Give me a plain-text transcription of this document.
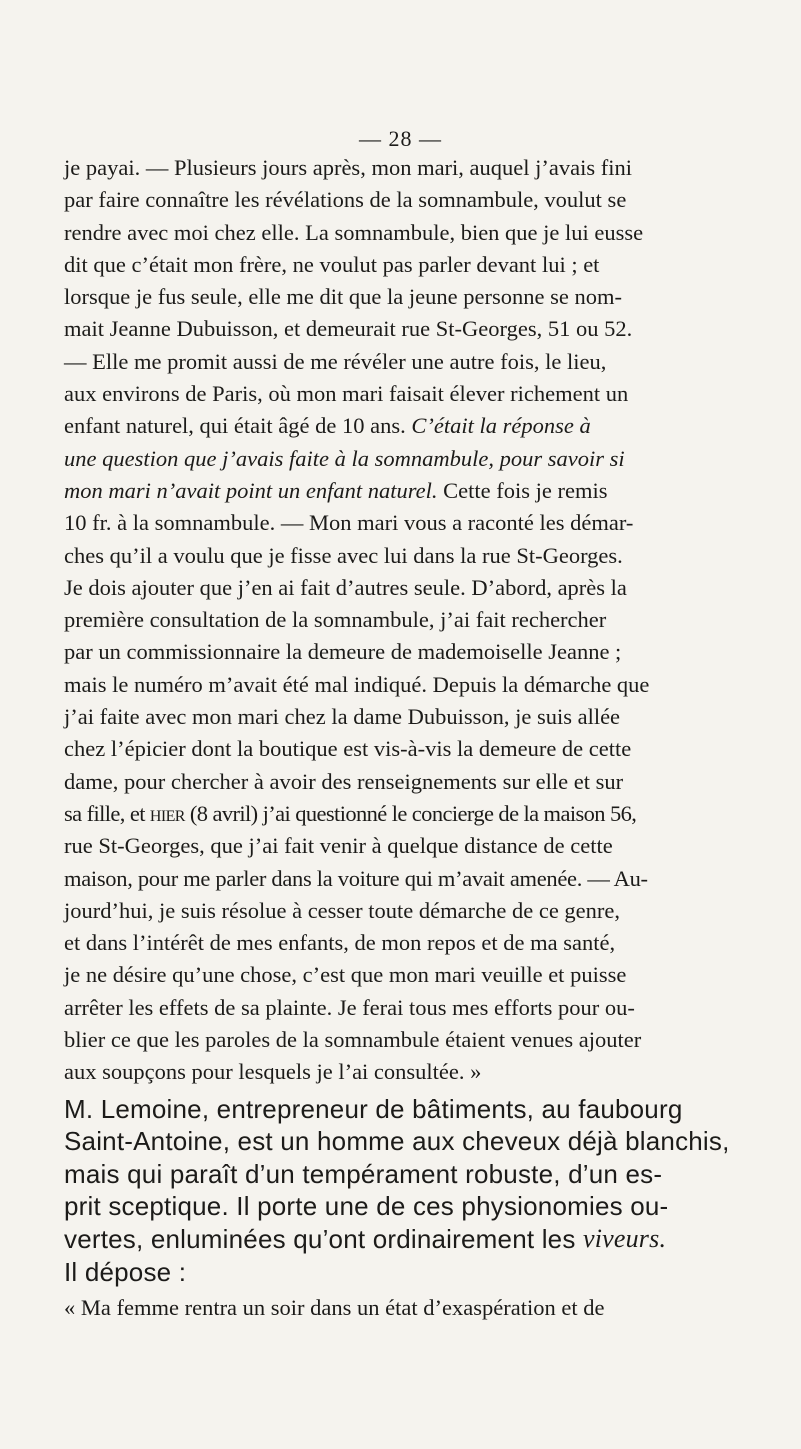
— 28 —
je payai. — Plusieurs jours après, mon mari, auquel j’avais fini
par faire connaître les révélations de la somnambule, voulut se
rendre avec moi chez elle. La somnambule, bien que je lui eusse
dit que c’était mon frère, ne voulut pas parler devant lui ; et
lorsque je fus seule, elle me dit que la jeune personne se nom-
mait Jeanne Dubuisson, et demeurait rue St-Georges, 51 ou 52.
— Elle me promit aussi de me révéler une autre fois, le lieu,
aux environs de Paris, où mon mari faisait élever richement un
enfant naturel, qui était âgé de 10 ans. C’était la réponse à
une question que j’avais faite à la somnambule, pour savoir si
mon mari n’avait point un enfant naturel. Cette fois je remis
10 fr. à la somnambule. — Mon mari vous a raconté les démar-
ches qu’il a voulu que je fisse avec lui dans la rue St-Georges.
Je dois ajouter que j’en ai fait d’autres seule. D’abord, après la
première consultation de la somnambule, j’ai fait rechercher
par un commissionnaire la demeure de mademoiselle Jeanne ;
mais le numéro m’avait été mal indiqué. Depuis la démarche que
j’ai faite avec mon mari chez la dame Dubuisson, je suis allée
chez l’épicier dont la boutique est vis-à-vis la demeure de cette
dame, pour chercher à avoir des renseignements sur elle et sur
sa fille, et hier (8 avril) j’ai questionné le concierge de la maison 56,
rue St-Georges, que j’ai fait venir à quelque distance de cette
maison, pour me parler dans la voiture qui m’avait amenée. — Au-
jourd’hui, je suis résolue à cesser toute démarche de ce genre,
et dans l’intérêt de mes enfants, de mon repos et de ma santé,
je ne désire qu’une chose, c’est que mon mari veuille et puisse
arrêter les effets de sa plainte. Je ferai tous mes efforts pour ou-
blier ce que les paroles de la somnambule étaient venues ajouter
aux soupçons pour lesquels je l’ai consultée. »
M. Lemoine, entrepreneur de bâtiments, au faubourg
Saint-Antoine, est un homme aux cheveux déjà blanchis,
mais qui paraît d’un tempérament robuste, d’un es-
prit sceptique. Il porte une de ces physionomies ou-
vertes, enluminées qu’ont ordinairement les viveurs.
Il dépose :
« Ma femme rentra un soir dans un état d’exaspération et de
